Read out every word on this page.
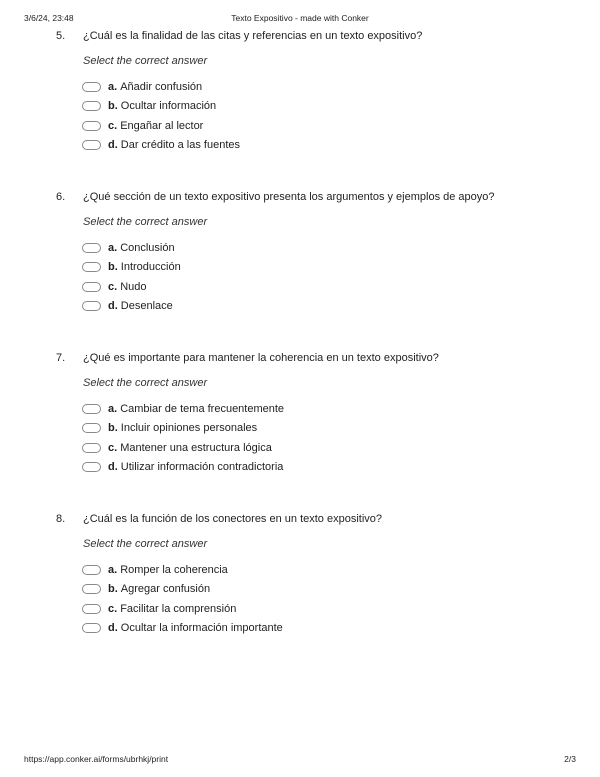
3/6/24, 23:48	Texto Expositivo - made with Conker
5. ¿Cuál es la finalidad de las citas y referencias en un texto expositivo?
Select the correct answer
a. Añadir confusión
b. Ocultar información
c. Engañar al lector
d. Dar crédito a las fuentes
6. ¿Qué sección de un texto expositivo presenta los argumentos y ejemplos de apoyo?
Select the correct answer
a. Conclusión
b. Introducción
c. Nudo
d. Desenlace
7. ¿Qué es importante para mantener la coherencia en un texto expositivo?
Select the correct answer
a. Cambiar de tema frecuentemente
b. Incluir opiniones personales
c. Mantener una estructura lógica
d. Utilizar información contradictoria
8. ¿Cuál es la función de los conectores en un texto expositivo?
Select the correct answer
a. Romper la coherencia
b. Agregar confusión
c. Facilitar la comprensión
d. Ocultar la información importante
https://app.conker.ai/forms/ubrhkj/print	2/3
